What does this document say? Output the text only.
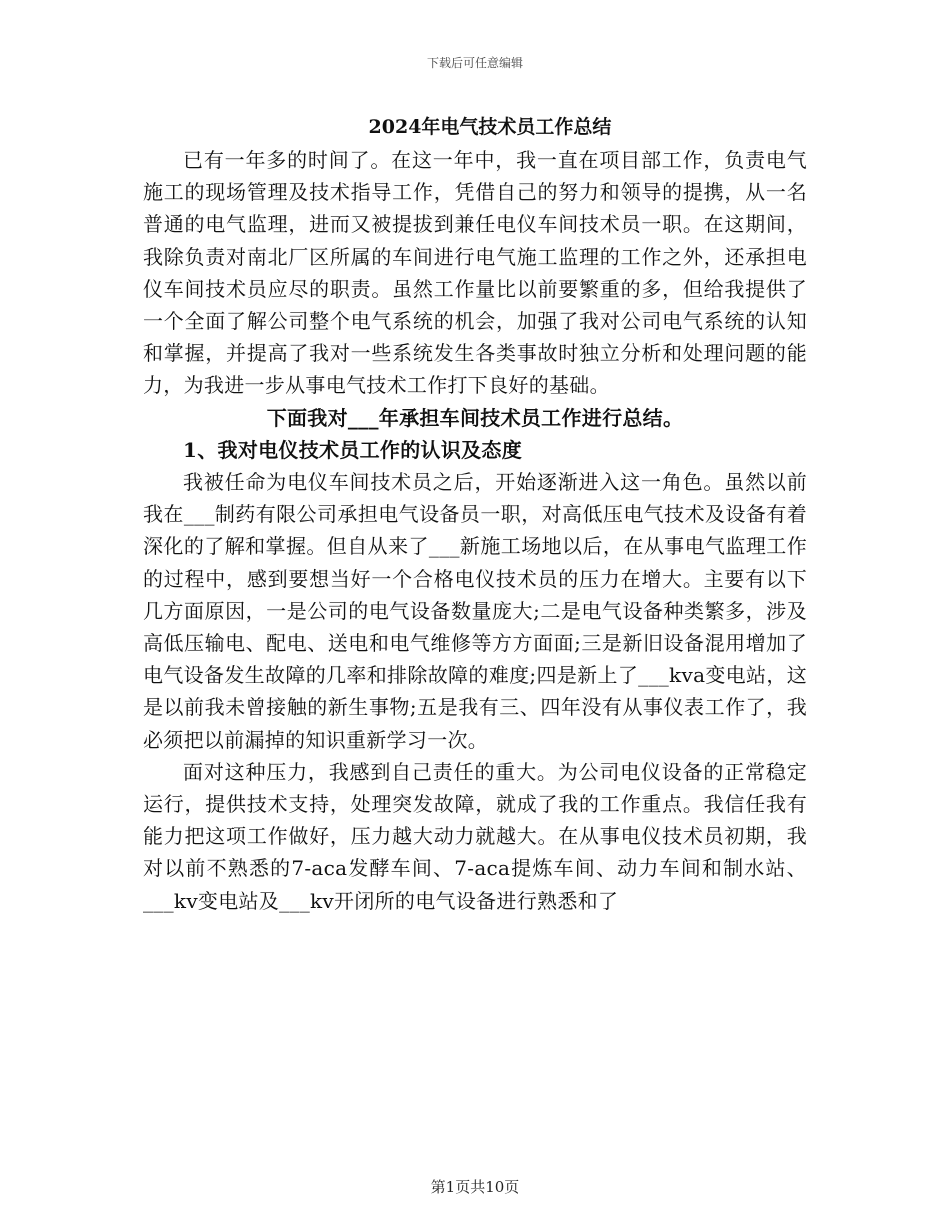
下载后可任意编辑
2024年电气技术员工作总结

已有一年多的时间了。在这一年中，我一直在项目部工作，负责电气施工的现场管理及技术指导工作，凭借自己的努力和领导的提携，从一名普通的电气监理，进而又被提拔到兼任电仪车间技术员一职。在这期间，我除负责对南北厂区所属的车间进行电气施工监理的工作之外，还承担电仪车间技术员应尽的职责。虽然工作量比以前要繁重的多，但给我提供了一个全面了解公司整个电气系统的机会，加强了我对公司电气系统的认知和掌握，并提高了我对一些系统发生各类事故时独立分析和处理问题的能力，为我进一步从事电气技术工作打下良好的基础。

下面我对___年承担车间技术员工作进行总结。

1、我对电仪技术员工作的认识及态度

我被任命为电仪车间技术员之后，开始逐渐进入这一角色。虽然以前我在___制药有限公司承担电气设备员一职，对高低压电气技术及设备有着深化的了解和掌握。但自从来了___新施工场地以后，在从事电气监理工作的过程中，感到要想当好一个合格电仪技术员的压力在增大。主要有以下几方面原因，一是公司的电气设备数量庞大;二是电气设备种类繁多，涉及高低压输电、配电、送电和电气维修等方方面面;三是新旧设备混用增加了电气设备发生故障的几率和排除故障的难度;四是新上了___kva变电站，这是以前我未曾接触的新生事物;五是我有三、四年没有从事仪表工作了，我必须把以前漏掉的知识重新学习一次。

面对这种压力，我感到自己责任的重大。为公司电仪设备的正常稳定运行，提供技术支持，处理突发故障，就成了我的工作重点。我信任我有能力把这项工作做好，压力越大动力就越大。在从事电仪技术员初期，我对以前不熟悉的7-aca发酵车间、7-aca提炼车间、动力车间和制水站、___kv变电站及___kv开闭所的电气设备进行熟悉和了

第1页共10页
